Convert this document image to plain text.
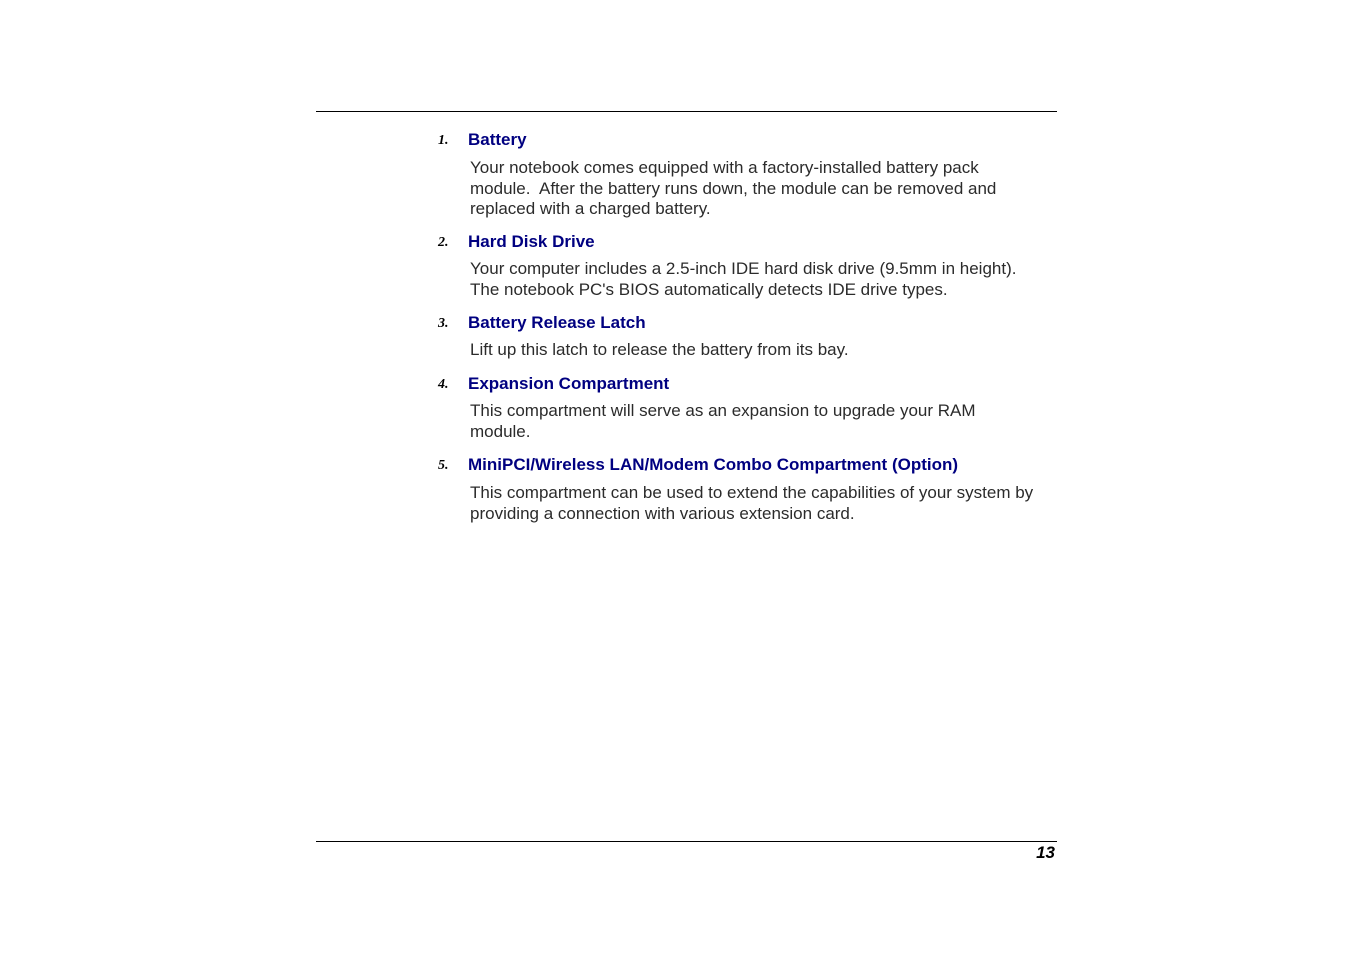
1. Battery
Your notebook comes equipped with a factory-installed battery pack
module.  After the battery runs down, the module can be removed and
replaced with a charged battery.
2. Hard Disk Drive
Your computer includes a 2.5-inch IDE hard disk drive (9.5mm in height).
The notebook PC's BIOS automatically detects IDE drive types.
3. Battery Release Latch
Lift up this latch to release the battery from its bay.
4. Expansion Compartment
This compartment will serve as an expansion to upgrade your RAM
module.
5. MiniPCI/Wireless LAN/Modem Combo Compartment (Option)
This compartment can be used to extend the capabilities of your system by
providing a connection with various extension card.
13
